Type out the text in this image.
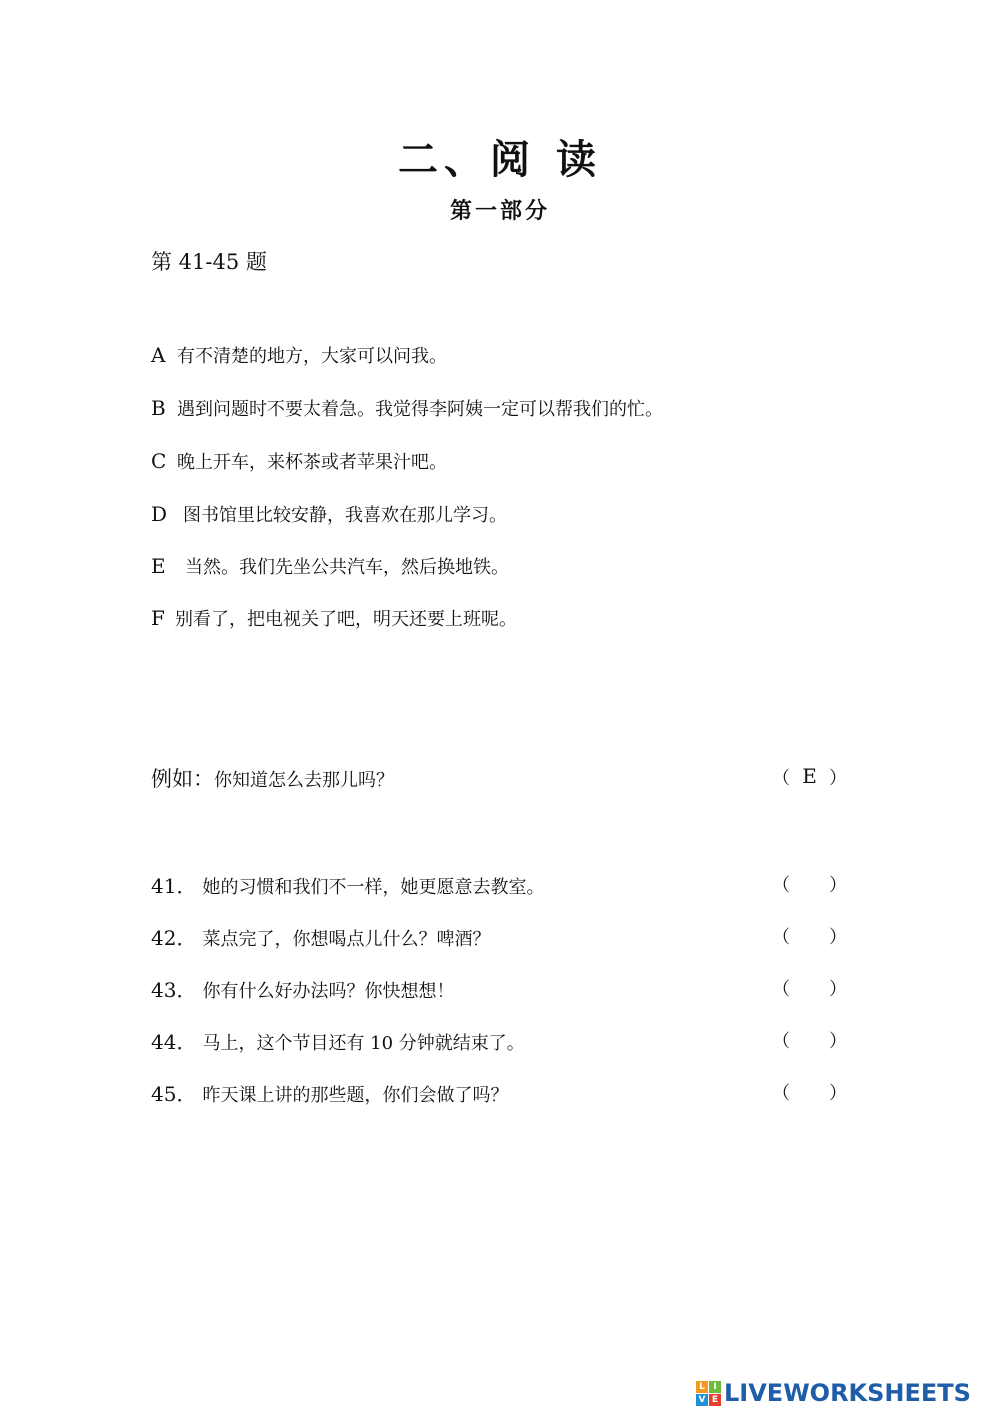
二、阅 读
第一部分
第 41-45 题
A 有不清楚的地方，大家可以问我。
B 遇到问题时不要太着急。我觉得李阿姨一定可以帮我们的忙。
C 晚上开车，来杯茶或者苹果汁吧。
D 图书馆里比较安静，我喜欢在那儿学习。
E 当然。我们先坐公共汽车，然后换地铁。
F 别看了，把电视关了吧，明天还要上班呢。
例如：你知道怎么去那儿吗？	（ E ）
41． 她的习惯和我们不一样，她更愿意去教室。	（ ）
42． 菜点完了，你想喝点儿什么？啤酒？	（ ）
43． 你有什么好办法吗？你快想想！	（ ）
44． 马上，这个节目还有 10 分钟就结束了。	（ ）
45． 昨天课上讲的那些题，你们会做了吗？	（ ）
L I
V E LIVEWORKSHEETS
